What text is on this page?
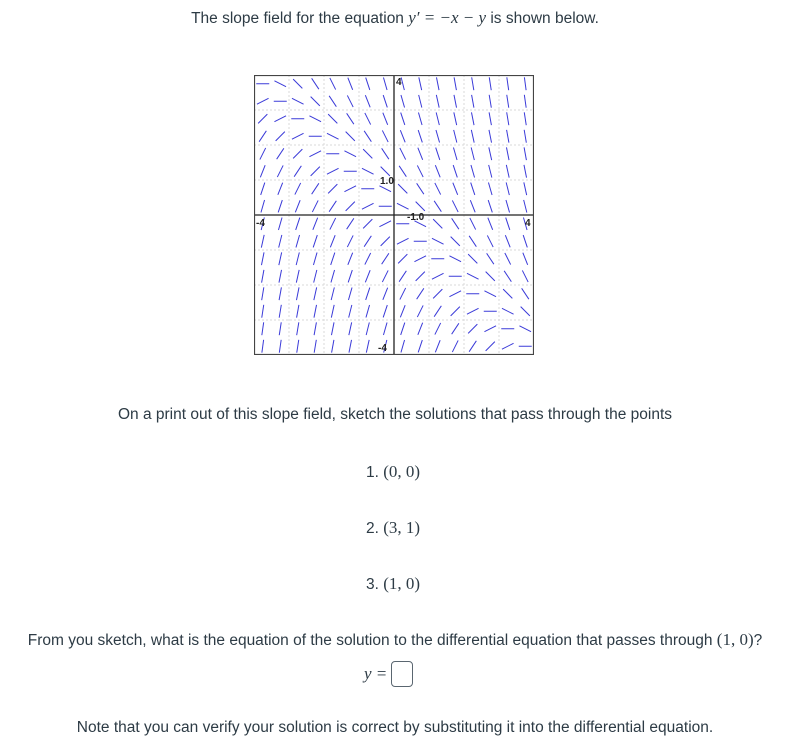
The slope field for the equation y′ = −x − y is shown below.
-4	4
4
-4
1.0
-1.0
On a print out of this slope field, sketch the solutions that pass through the points
1. (0, 0)
2. (3, 1)
3. (1, 0)
From you sketch, what is the equation of the solution to the differential equation that passes through (1, 0)?
y =
Note that you can verify your solution is correct by substituting it into the differential equation.
